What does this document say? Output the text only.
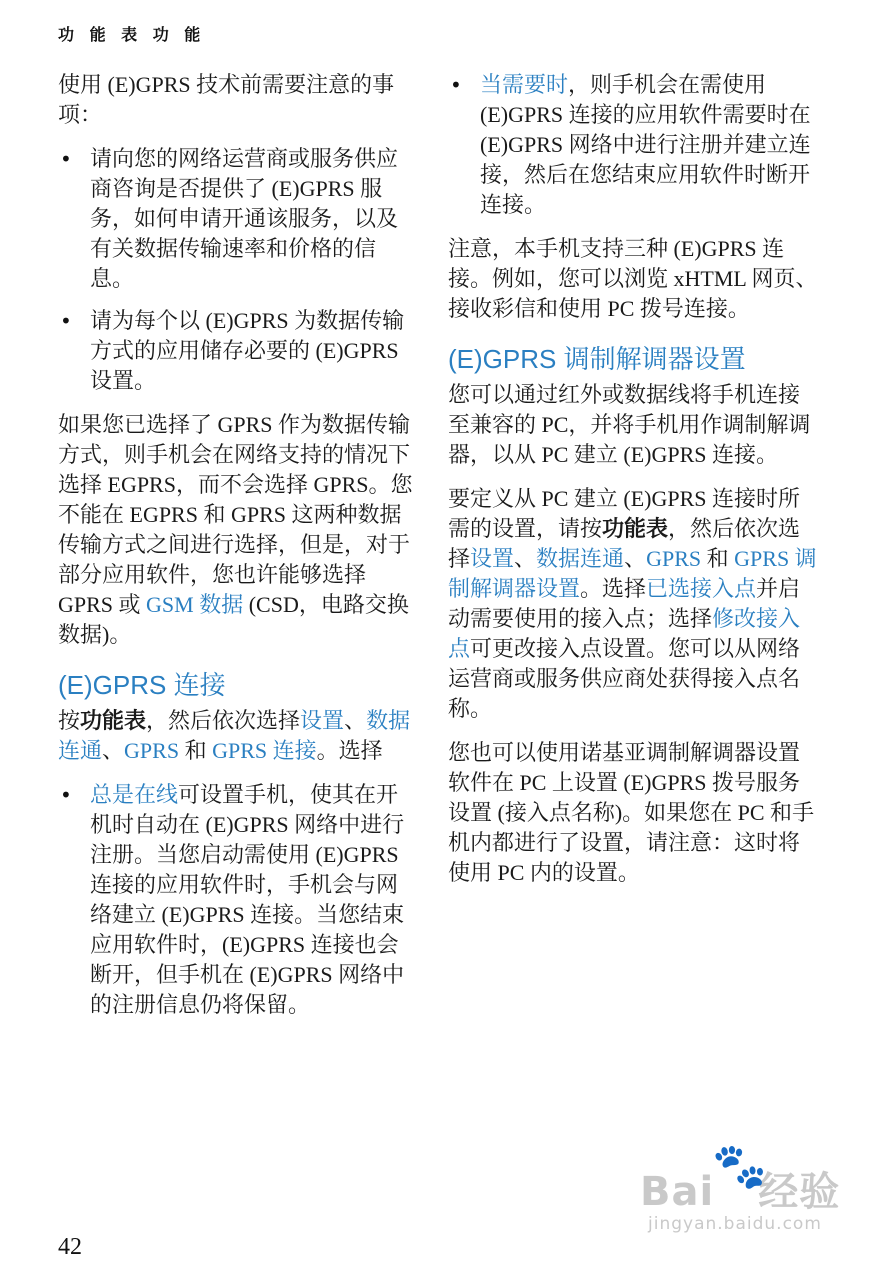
功 能 表 功 能

使用 (E)GPRS 技术前需要注意的事项：

• 请向您的网络运营商或服务供应商咨询是否提供了 (E)GPRS 服务，如何申请开通该服务，以及有关数据传输速率和价格的信息。
• 请为每个以 (E)GPRS 为数据传输方式的应用储存必要的 (E)GPRS 设置。

如果您已选择了 GPRS 作为数据传输方式，则手机会在网络支持的情况下选择 EGPRS，而不会选择 GPRS。您不能在 EGPRS 和 GPRS 这两种数据传输方式之间进行选择，但是，对于部分应用软件，您也许能够选择 GPRS 或 GSM 数据 (CSD，电路交换数据)。

(E)GPRS 连接

按功能表，然后依次选择设置、数据连通、GPRS 和 GPRS 连接。选择

• 总是在线可设置手机，使其在开机时自动在 (E)GPRS 网络中进行注册。当您启动需使用 (E)GPRS 连接的应用软件时，手机会与网络建立 (E)GPRS 连接。当您结束应用软件时，(E)GPRS 连接也会断开，但手机在 (E)GPRS 网络中的注册信息仍将保留。
• 当需要时，则手机会在需使用 (E)GPRS 连接的应用软件需要时在 (E)GPRS 网络中进行注册并建立连接，然后在您结束应用软件时断开连接。

注意，本手机支持三种 (E)GPRS 连接。例如，您可以浏览 xHTML 网页、接收彩信和使用 PC 拨号连接。

(E)GPRS 调制解调器设置

您可以通过红外或数据线将手机连接至兼容的 PC，并将手机用作调制解调器，以从 PC 建立 (E)GPRS 连接。

要定义从 PC 建立 (E)GPRS 连接时所需的设置，请按功能表，然后依次选择设置、数据连通、GPRS 和 GPRS 调制解调器设置。选择已选接入点并启动需要使用的接入点；选择修改接入点可更改接入点设置。您可以从网络运营商或服务供应商处获得接入点名称。

您也可以使用诺基亚调制解调器设置软件在 PC 上设置 (E)GPRS 拨号服务设置 (接入点名称)。如果您在 PC 和手机内都进行了设置，请注意：这时将使用 PC 内的设置。

42
Bai 经验
🐾
jingyan.baidu.com
